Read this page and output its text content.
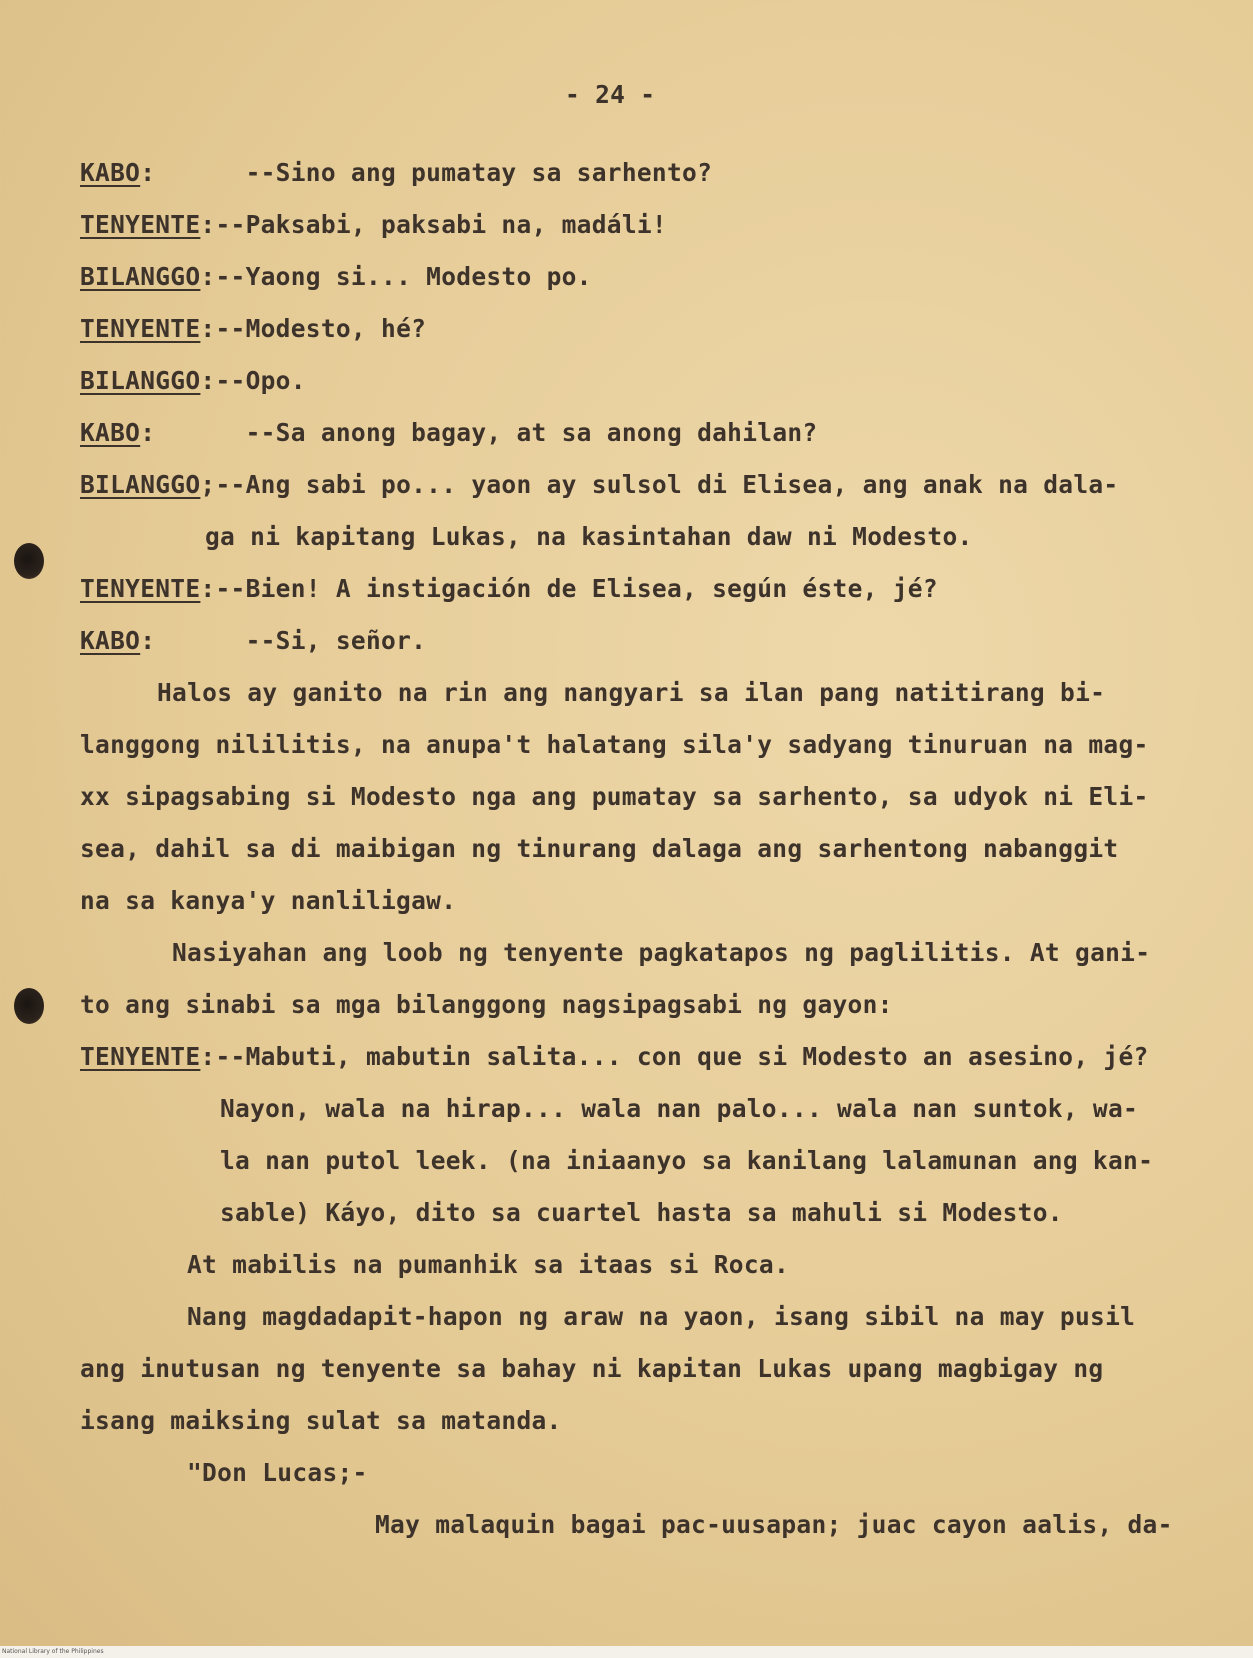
- 24 -
KABO:      --Sino ang pumatay sa sarhento?
TENYENTE:--Paksabi, paksabi na, madáli!
BILANGGO:--Yaong si... Modesto po.
TENYENTE:--Modesto, hé?
BILANGGO:--Opo.
KABO:      --Sa anong bagay, at sa anong dahilan?
BILANGGO;--Ang sabi po... yaon ay sulsol di Elisea, ang anak na dala-
ga ni kapitang Lukas, na kasintahan daw ni Modesto.
TENYENTE:--Bien! A instigación de Elisea, según éste, jé?
KABO:      --Si, señor.
Halos ay ganito na rin ang nangyari sa ilan pang natitirang bi-
langgong nililitis, na anupa't halatang sila'y sadyang tinuruan na mag-
xx sipagsabing si Modesto nga ang pumatay sa sarhento, sa udyok ni Eli-
sea, dahil sa di maibigan ng tinurang dalaga ang sarhentong nabanggit
na sa kanya'y nanliligaw.
Nasiyahan ang loob ng tenyente pagkatapos ng paglilitis. At gani-
to ang sinabi sa mga bilanggong nagsipagsabi ng gayon:
TENYENTE:--Mabuti, mabutin salita... con que si Modesto an asesino, jé?
Nayon, wala na hirap... wala nan palo... wala nan suntok, wa-
la nan putol leek. (na iniaanyo sa kanilang lalamunan ang kan-
sable) Káyo, dito sa cuartel hasta sa mahuli si Modesto.
At mabilis na pumanhik sa itaas si Roca.
Nang magdadapit-hapon ng araw na yaon, isang sibil na may pusil
ang inutusan ng tenyente sa bahay ni kapitan Lukas upang magbigay ng
isang maiksing sulat sa matanda.
"Don Lucas;-
May malaquin bagai pac-uusapan; juac cayon aalis, da-
National Library of the Philippines
